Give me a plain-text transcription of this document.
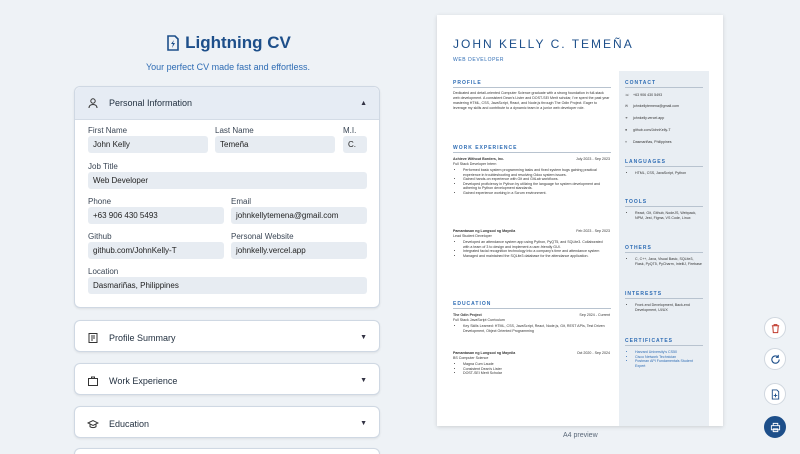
Lightning CV
Your perfect CV made fast and effortless.
Personal Information	▲
First Name
John Kelly
Last Name
Temeña
M.I.
C.
Job Title
Web Developer
Phone
+63 906 430 5493
Email
johnkellytemena@gmail.com
Github
github.com/JohnKelly-T
Personal Website
johnkelly.vercel.app
Location
Dasmariñas, Philippines
Profile Summary	▼
Work Experience	▼
Education	▼
JOHN KELLY C. TEMEÑA
WEB DEVELOPER
PROFILE
Dedicated and detail-oriented Computer Science graduate with a strong foundation in full-stack web development. A consistent Dean's Lister and DOST-SEI Merit scholar, I've spent the past year mastering HTML, CSS, JavaScript, React, and Node.js through The Odin Project. Eager to leverage my skills and contribute to a dynamic team in a junior web developer role.
WORK EXPERIENCE
Achieve Without Borders, Inc.	July 2023 - Sep 2023
Full Stack Developer Intern
• Performed basic system programming tasks and fixed system bugs gaining practical experience in troubleshooting and resolving Odoo system issues.
• Gained hands-on experience with Git and GitLab workflows.
• Developed proficiency in Python by utilizing the language for system development and adhering to Python development standards.
• Gained experience working in a Scrum environment.
Pamantasan ng Lungsod ng Maynila	Feb 2023 - Sep 2023
Lead Student Developer
• Developed an attendance system app using Python, PyQT5, and SQLite3. Collaborated with a team of 3 to design and implement a user-friendly GUI.
• Integrated facial recognition technology into a company's time and attendance system
• Managed and maintained the SQLite3 database for the attendance application.
EDUCATION
The Odin Project	Sep 2024 - Current
Full Stack JavaScript Curriculum
• Key Skills Learned: HTML, CSS, JavaScript, React, Node.js, Git, REST APIs, Test Driven Development, Object Oriented Programming
Pamantasan ng Lungsod ng Maynila	Oct 2020 - Sep 2024
BS Computer Science
• Magna Cum Laude
• Consistent Dean's Lister
• DOST-SEI Merit Scholar
CONTACT
☏ +63 906 430 5493
✉ johnkellytemena@gmail.com
⚭ johnkelly.vercel.app
● github.com/JohnKelly-T
⌖ Dasmariñas, Philippines
LANGUAGES
• HTML, CSS, JavaScript, Python
TOOLS
• React, Git, Github, NodeJS, Webpack, NPM, Jest, Figma, VS Code, Linux
OTHERS
• C, C++, Java, Visual Basic, SQLite3, Flask, PyQT5, PyCharm, IntelliJ, Firebase
INTERESTS
• Front-end Development, Back-end Development, UI/UX
CERTIFICATES
• Harvard University's CS50
• Cisco Network Technician
• Postman API Fundamentals Student Expert
A4 preview
